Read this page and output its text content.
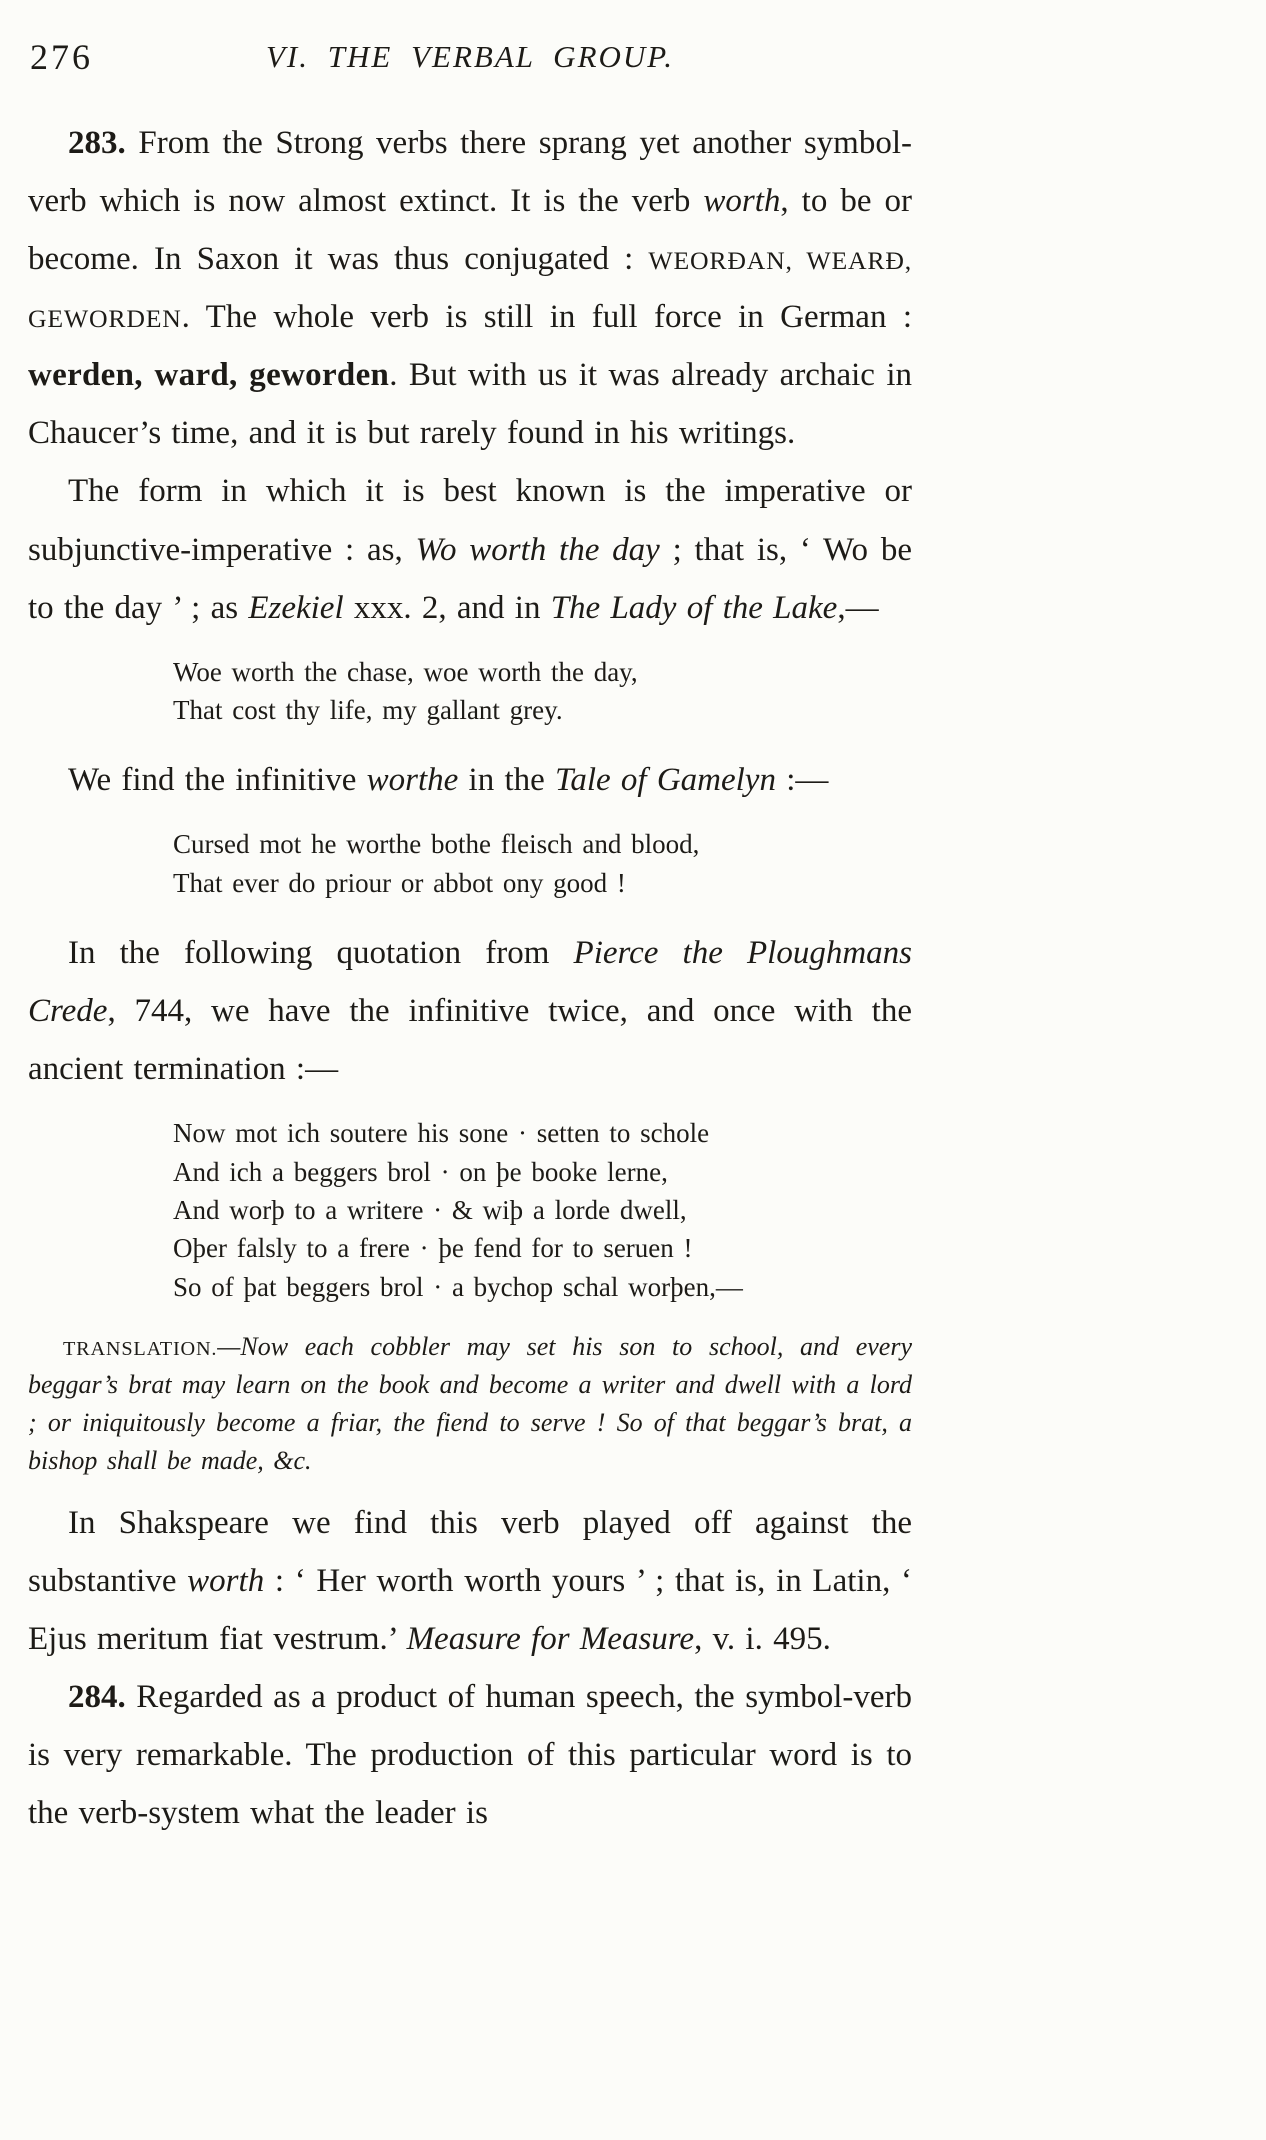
276	VI. THE VERBAL GROUP.

283. From the Strong verbs there sprang yet another symbol-verb which is now almost extinct. It is the verb worth, to be or become. In Saxon it was thus conjugated : WEORÐAN, WEARÐ, GEWORDEN. The whole verb is still in full force in German : werden, ward, geworden. But with us it was already archaic in Chaucer’s time, and it is but rarely found in his writings.

The form in which it is best known is the imperative or subjunctive-imperative : as, Wo worth the day ; that is, ‘ Wo be to the day ’ ; as Ezekiel xxx. 2, and in The Lady of the Lake,—

Woe worth the chase, woe worth the day,
That cost thy life, my gallant grey.

We find the infinitive worthe in the Tale of Gamelyn :—

Cursed mot he worthe bothe fleisch and blood,
That ever do priour or abbot ony good !

In the following quotation from Pierce the Ploughmans Crede, 744, we have the infinitive twice, and once with the ancient termination :—

Now mot ich soutere his sone · setten to schole
And ich a beggers brol · on þe booke lerne,
And worþ to a writere · & wiþ a lorde dwell,
Oþer falsly to a frere · þe fend for to seruen !
So of þat beggers brol · a bychop schal worþen,—

TRANSLATION.—Now each cobbler may set his son to school, and every beggar’s brat may learn on the book and become a writer and dwell with a lord ; or iniquitously become a friar, the fiend to serve ! So of that beggar’s brat, a bishop shall be made, &c.

In Shakspeare we find this verb played off against the substantive worth : ‘ Her worth worth yours ’ ; that is, in Latin, ‘ Ejus meritum fiat vestrum.’ Measure for Measure, v. i. 495.

284. Regarded as a product of human speech, the symbol-verb is very remarkable. The production of this particular word is to the verb-system what the leader is
